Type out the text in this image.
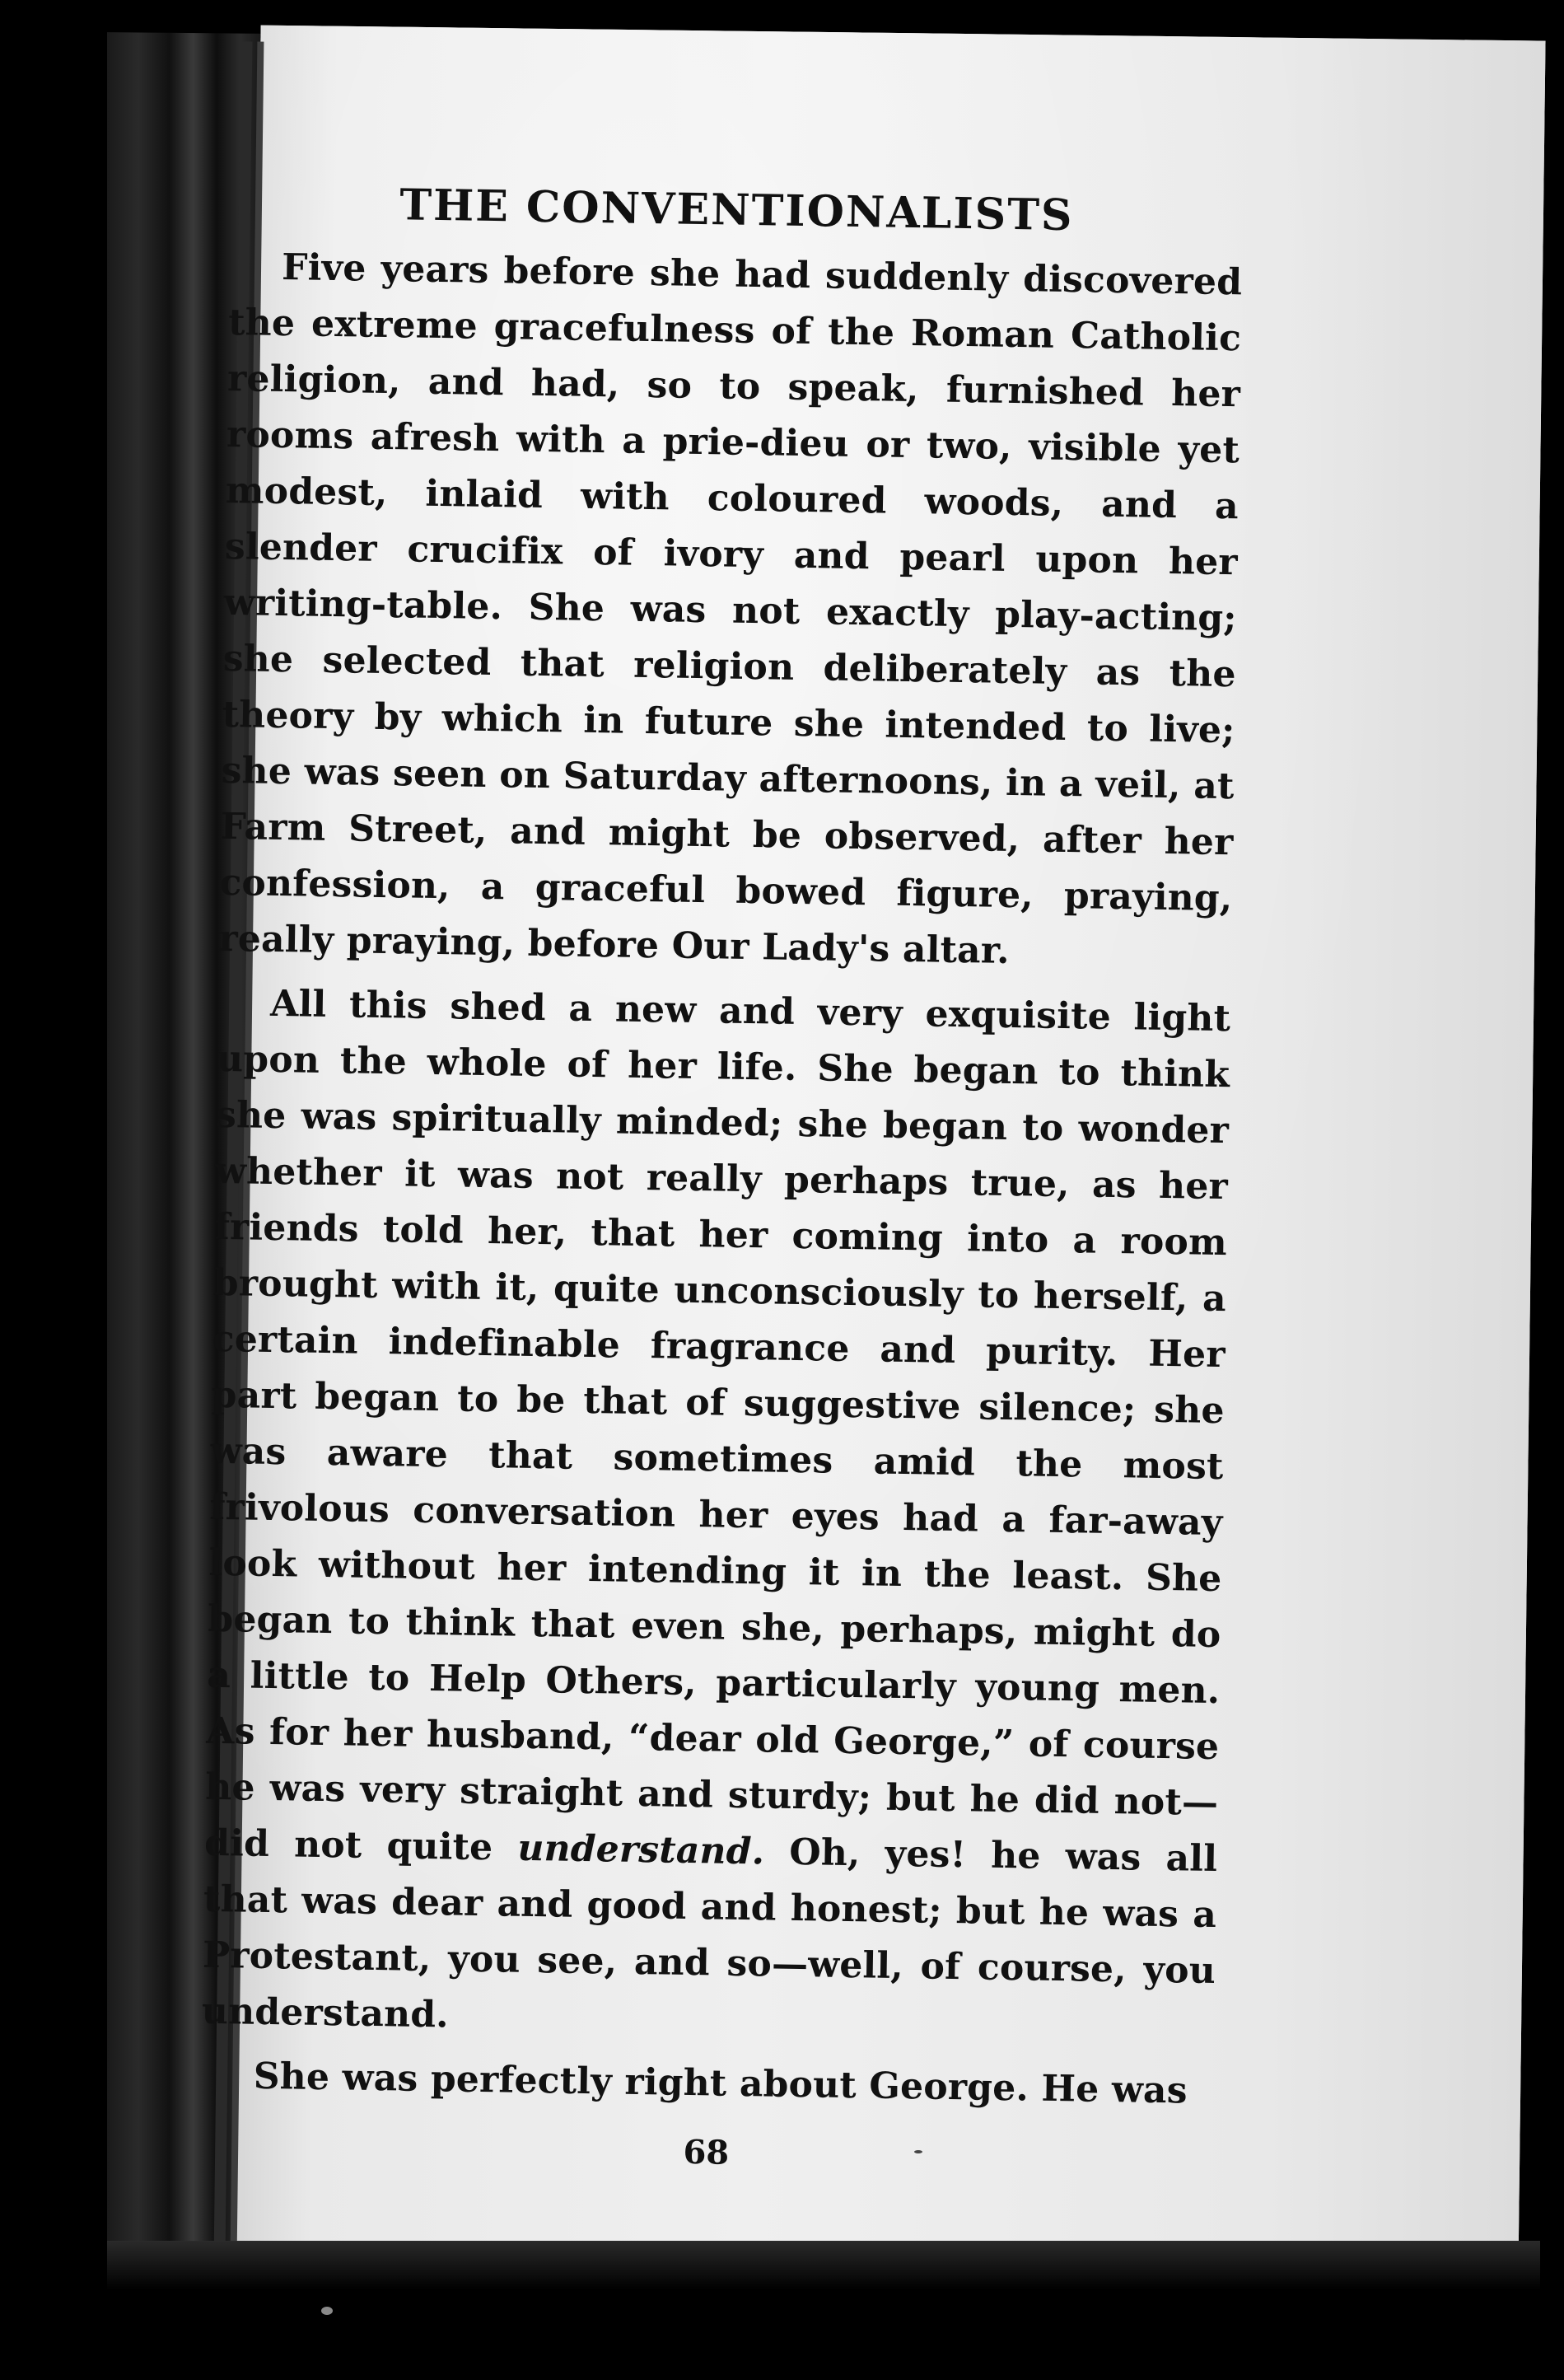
THE CONVENTIONALISTS

Five years before she had suddenly discovered the extreme gracefulness of the Roman Catholic religion, and had, so to speak, furnished her rooms afresh with a prie-dieu or two, visible yet modest, inlaid with coloured woods, and a slender crucifix of ivory and pearl upon her writing-table. She was not exactly play-acting; she selected that religion deliberately as the theory by which in future she intended to live; she was seen on Saturday afternoons, in a veil, at Farm Street, and might be observed, after her confession, a graceful bowed figure, praying, really praying, before Our Lady's altar.

All this shed a new and very exquisite light upon the whole of her life. She began to think she was spiritually minded; she began to wonder whether it was not really perhaps true, as her friends told her, that her coming into a room brought with it, quite unconsciously to herself, a certain indefinable fragrance and purity. Her part began to be that of suggestive silence; she was aware that sometimes amid the most frivolous conversation her eyes had a far-away look without her intending it in the least. She began to think that even she, perhaps, might do a little to Help Others, particularly young men. As for her husband, “dear old George,” of course he was very straight and sturdy; but he did not—did not quite understand. Oh, yes! he was all that was dear and good and honest; but he was a Protestant, you see, and so—well, of course, you understand.

She was perfectly right about George. He was

68
